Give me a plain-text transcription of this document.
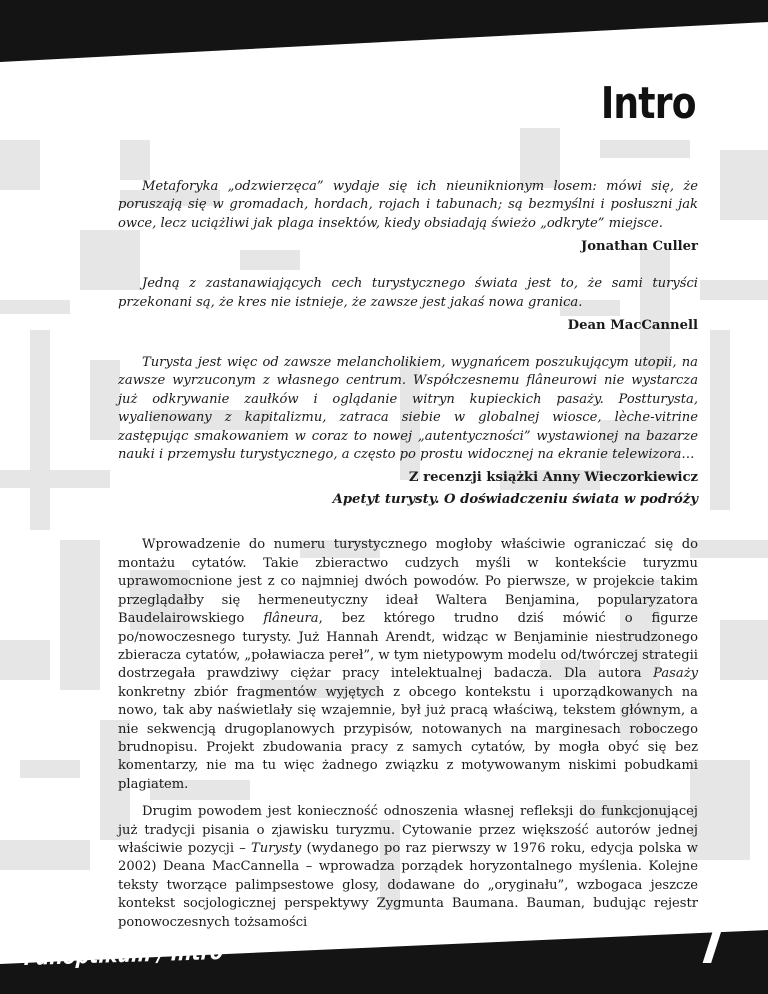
Intro

Metaforyka „odzwierzęca” wydaje się ich nieuniknionym losem: mówi się, że poruszają się w gromadach, hordach, rojach i tabunach; są bezmyślni i posłuszni jak owce, lecz uciążliwi jak plaga insektów, kiedy obsiadają świeżo „odkryte” miejsce.

Jonathan Culler

Jedną z zastanawiających cech turystycznego świata jest to, że sami turyści przekonani są, że kres nie istnieje, że zawsze jest jakaś nowa granica.

Dean MacCannell

Turysta jest więc od zawsze melancholikiem, wygnańcem poszukującym utopii, na zawsze wyrzuconym z własnego centrum. Współczesnemu flâneurowi nie wystarcza już odkrywanie zaułków i oglądanie witryn kupieckich pasaży. Postturysta, wyalienowany z kapitalizmu, zatraca siebie w globalnej wiosce, lèche-vitrine zastępując smakowaniem w coraz to nowej „autentyczności” wystawionej na bazarze nauki i przemysłu turystycznego, a często po prostu widocznej na ekranie telewizora…

Z recenzji książki Anny Wieczorkiewicz

Apetyt turysty. O doświadczeniu świata w podróży

Wprowadzenie do numeru turystycznego mogłoby właściwie ograniczać się do montażu cytatów. Takie zbieractwo cudzych myśli w kontekście turyzmu uprawomocnione jest z co najmniej dwóch powodów. Po pierwsze, w projekcie takim przeglądałby się hermeneutyczny ideał Waltera Benjamina, popularyzatora Baudelairowskiego flâneura, bez którego trudno dziś mówić o figurze po/nowoczesnego turysty. Już Hannah Arendt, widząc w Benjaminie niestrudzonego zbieracza cytatów, „poławiacza pereł”, w tym nietypowym modelu od/twórczej strategii dostrzegała prawdziwy ciężar pracy intelektualnej badacza. Dla autora Pasaży konkretny zbiór fragmentów wyjętych z obcego kontekstu i uporządkowanych na nowo, tak aby naświetlały się wzajemnie, był już pracą właściwą, tekstem głównym, a nie sekwencją drugoplanowych przypisów, notowanych na marginesach roboczego brudnopisu. Projekt zbudowania pracy z samych cytatów, by mogła obyć się bez komentarzy, nie ma tu więc żadnego związku z motywowanym niskimi pobudkami plagiatem.

Drugim powodem jest konieczność odnoszenia własnej refleksji do funkcjonującej już tradycji pisania o zjawisku turyzmu. Cytowanie przez większość autorów jednej właściwie pozycji – Turysty (wydanego po raz pierwszy w 1976 roku, edycja polska w 2002) Deana MacCannella – wprowadza porządek horyzontalnego myślenia. Kolejne teksty tworzące palimpsestowe glosy, dodawane do „oryginału”, wzbogaca jeszcze kontekst socjologicznej perspektywy Zygmunta Baumana. Bauman, budując rejestr ponowoczesnych tożsamości

Panoptikum / Intro	7
